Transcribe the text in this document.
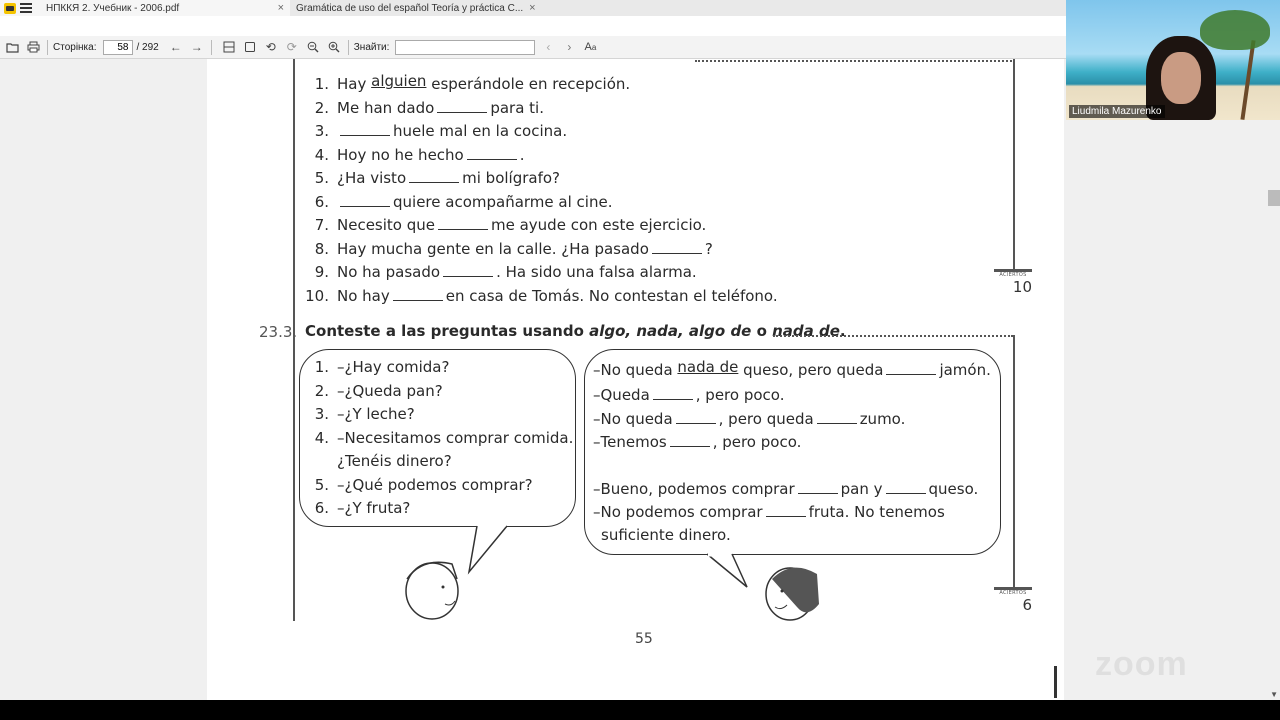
НПККЯ 2. Учебник - 2006.pdf	× Gramática de uso del español Teoría y práctica C... ×
Сторінка:
58	/ 292 ← →	⟲ ⟳	Знайти:	‹	›	A a
1. Hay alguien esperándole en recepción.
2. Me han dado	para ti.
3.	huele mal en la cocina.
4. Hoy no he hecho	.
5. ¿Ha visto	mi bolígrafo?
6.	quiere acompañarme al cine.
7. Necesito que	me ayude con este ejercicio.
8. Hay mucha gente en la calle. ¿Ha pasado	?
9. No ha pasado	. Ha sido una falsa alarma.
10. No hay	en casa de Tomás. No contestan el teléfono.
ACIERTOS
10
23.3. Conteste a las preguntas usando algo, nada, algo de o nada de.
1. –¿Hay comida?
2. –¿Queda pan?
3. –¿Y leche?
4. –Necesitamos comprar comida.
¿Tenéis dinero?
5. –¿Qué podemos comprar?
6. –¿Y fruta?
–No queda nada de queso, pero queda	jamón.
–Queda	, pero poco.
–No queda	, pero queda	zumo.
–Tenemos	, pero poco.
–Bueno, podemos comprar	pan y	queso.
–No podemos comprar	fruta. No tenemos
suficiente dinero.
ACIERTOS
6
55
▼
Liudmila Mazurenko
zoom
